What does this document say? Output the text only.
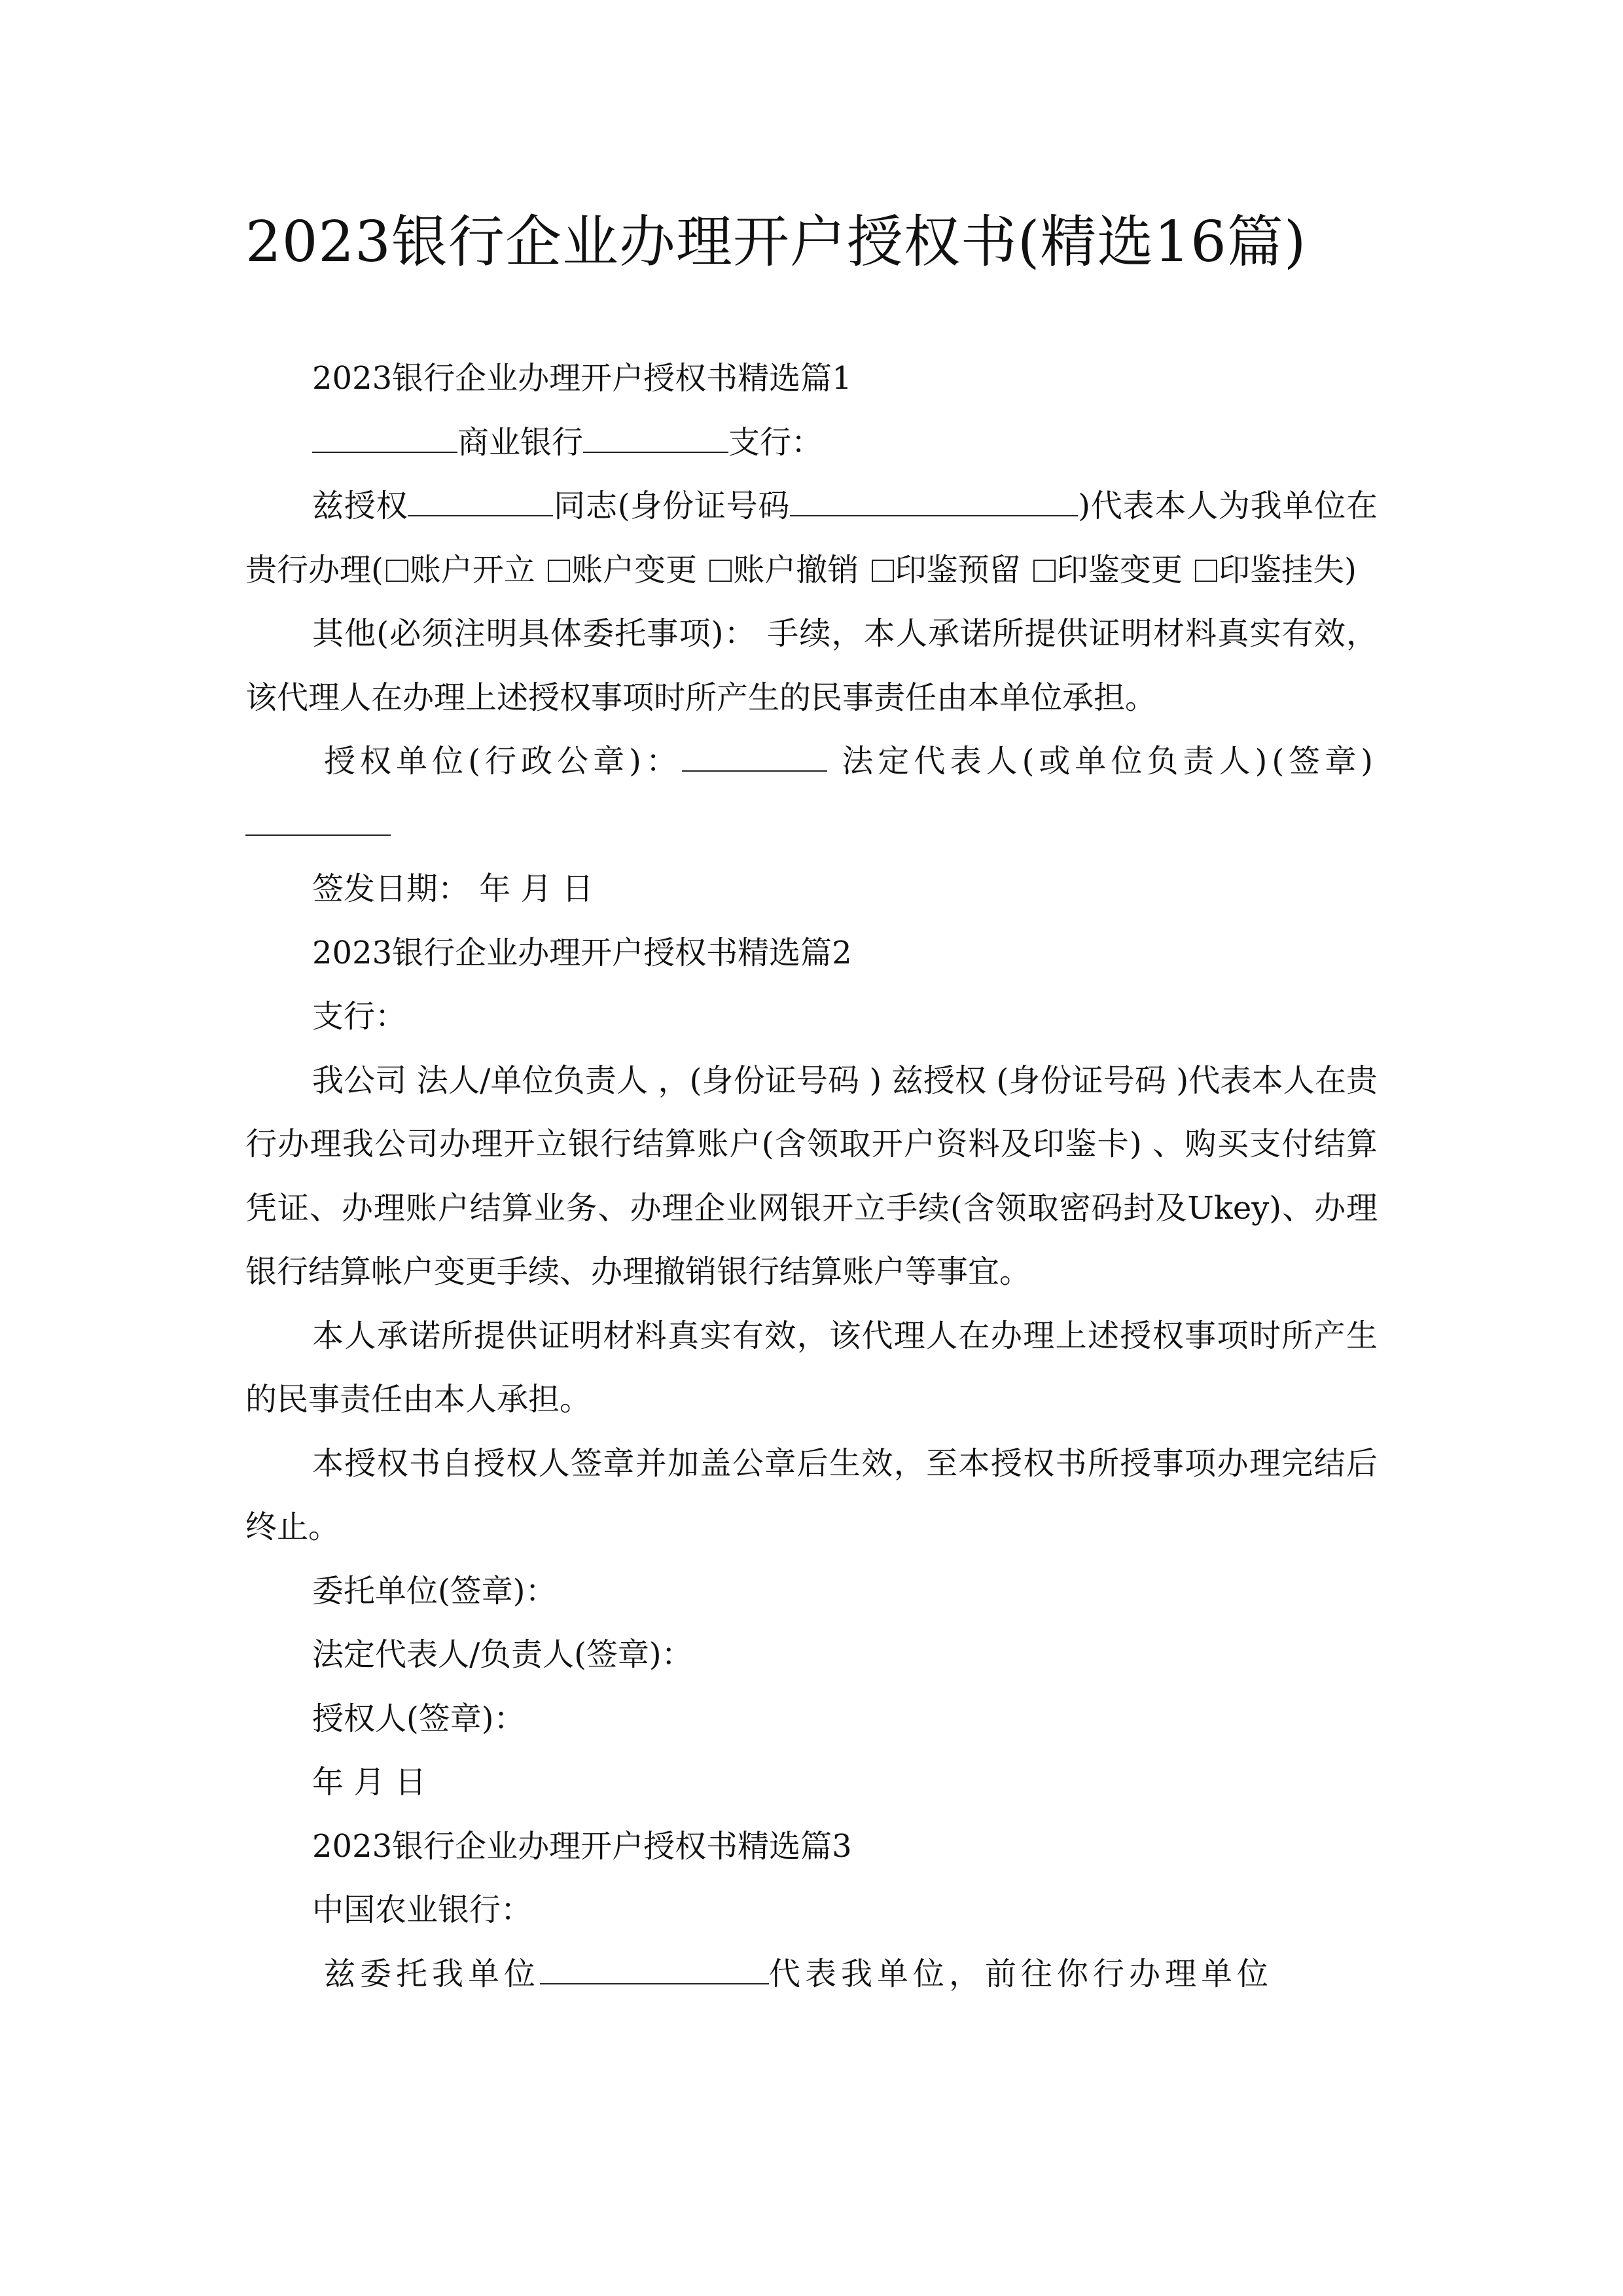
2023银行企业办理开户授权书(精选16篇)

2023银行企业办理开户授权书精选篇1

商业银行	支行：

兹授权	同志(身份证号码	)代表本人为我单位在贵行办理( 账户开立 账户变更 账户撤销 印鉴预留 印鉴变更 印鉴挂失)

其他(必须注明具体委托事项)： 手续，本人承诺所提供证明材料真实有效，该代理人在办理上述授权事项时所产生的民事责任由本单位承担。

授权单位(行政公章)：	法定代表人(或单位负责人)(签章)

签发日期： 年 月 日

2023银行企业办理开户授权书精选篇2

支行：

我公司 法人/单位负责人 ，(身份证号码 ) 兹授权 (身份证号码 )代表本人在贵行办理我公司办理开立银行结算账户(含领取开户资料及印鉴卡) 、购买支付结算凭证、办理账户结算业务、办理企业网银开立手续(含领取密码封及Ukey)、办理银行结算帐户变更手续、办理撤销银行结算账户等事宜。

本人承诺所提供证明材料真实有效，该代理人在办理上述授权事项时所产生的民事责任由本人承担。

本授权书自授权人签章并加盖公章后生效，至本授权书所授事项办理完结后终止。

委托单位(签章)：

法定代表人/负责人(签章)：

授权人(签章)：

年 月 日

2023银行企业办理开户授权书精选篇3

中国农业银行：

兹委托我单位	代表我单位，前往你行办理单位
